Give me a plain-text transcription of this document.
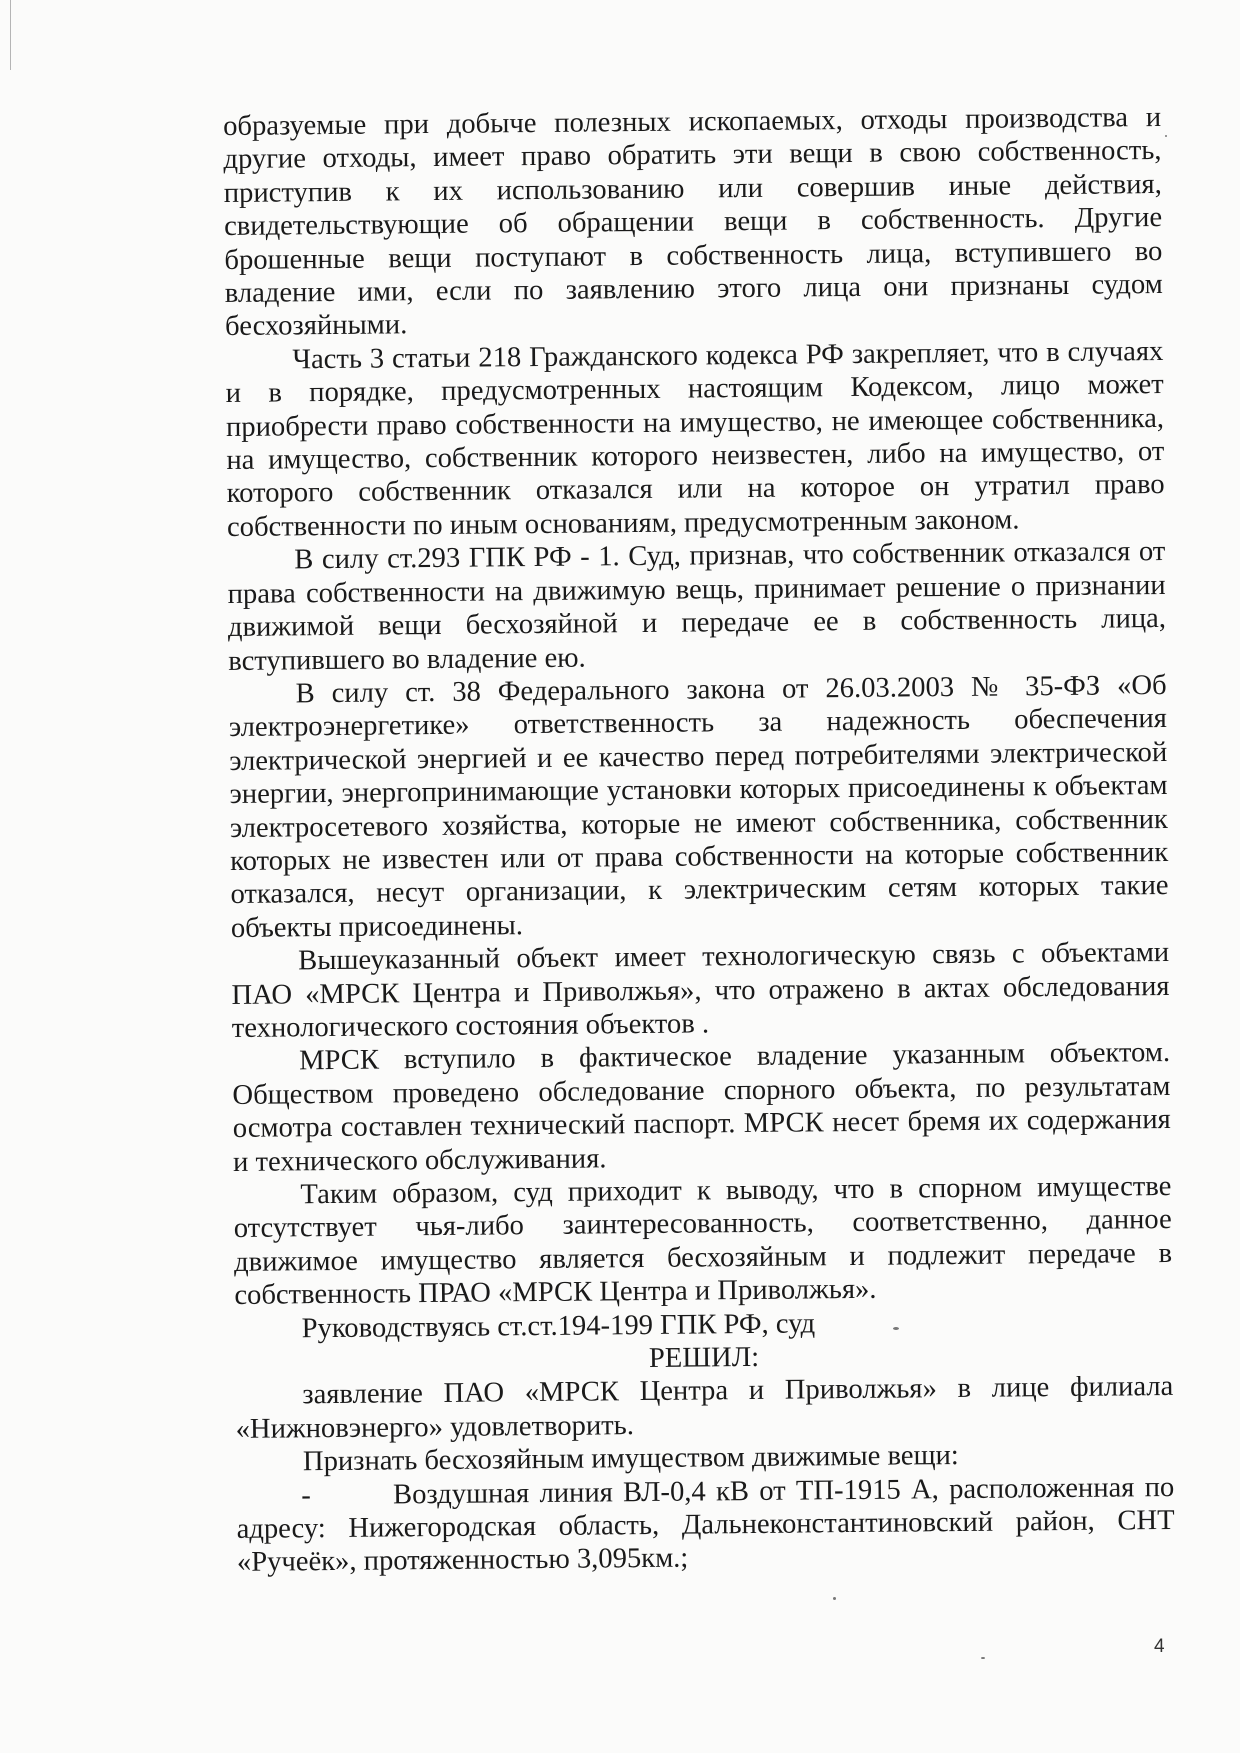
образуемые при добыче полезных ископаемых, отходы производства и другие отходы, имеет право обратить эти вещи в свою собственность, приступив к их использованию или совершив иные действия, свидетельствующие об обращении вещи в собственность. Другие брошенные вещи поступают в собственность лица, вступившего во владение ими, если по заявлению этого лица они признаны судом бесхозяйными.

Часть 3 статьи 218 Гражданского кодекса РФ закрепляет, что в случаях и в порядке, предусмотренных настоящим Кодексом, лицо может приобрести право собственности на имущество, не имеющее собственника, на имущество, собственник которого неизвестен, либо на имущество, от которого собственник отказался или на которое он утратил право собственности по иным основаниям, предусмотренным законом.

В силу ст.293 ГПК РФ - 1. Суд, признав, что собственник отказался от права собственности на движимую вещь, принимает решение о признании движимой вещи бесхозяйной и передаче ее в собственность лица, вступившего во владение ею.

В силу ст. 38 Федерального закона от 26.03.2003 № 35-ФЗ «Об электроэнергетике» ответственность за надежность обеспечения электрической энергией и ее качество перед потребителями электрической энергии, энергопринимающие установки которых присоединены к объектам электросетевого хозяйства, которые не имеют собственника, собственник которых не известен или от права собственности на которые собственник отказался, несут организации, к электрическим сетям которых такие объекты присоединены.

Вышеуказанный объект имеет технологическую связь с объектами ПАО «МРСК Центра и Приволжья», что отражено в актах обследования технологического состояния объектов .

МРСК вступило в фактическое владение указанным объектом. Обществом проведено обследование спорного объекта, по результатам осмотра составлен технический паспорт. МРСК несет бремя их содержания и технического обслуживания.

Таким образом, суд приходит к выводу, что в спорном имуществе отсутствует чья-либо заинтересованность, соответственно, данное движимое имущество является бесхозяйным и подлежит передаче в собственность ПРАО «МРСК Центра и Приволжья».

Руководствуясь ст.ст.194-199 ГПК РФ, суд

РЕШИЛ:

заявление ПАО «МРСК Центра и Приволжья» в лице филиала «Нижновэнерго» удовлетворить.

Признать бесхозяйным имуществом движимые вещи:

-        Воздушная линия ВЛ-0,4 кВ от ТП-1915 А, расположенная по адресу: Нижегородская область, Дальнеконстантиновский район, СНТ «Ручеёк», протяженностью 3,095км.;

4
